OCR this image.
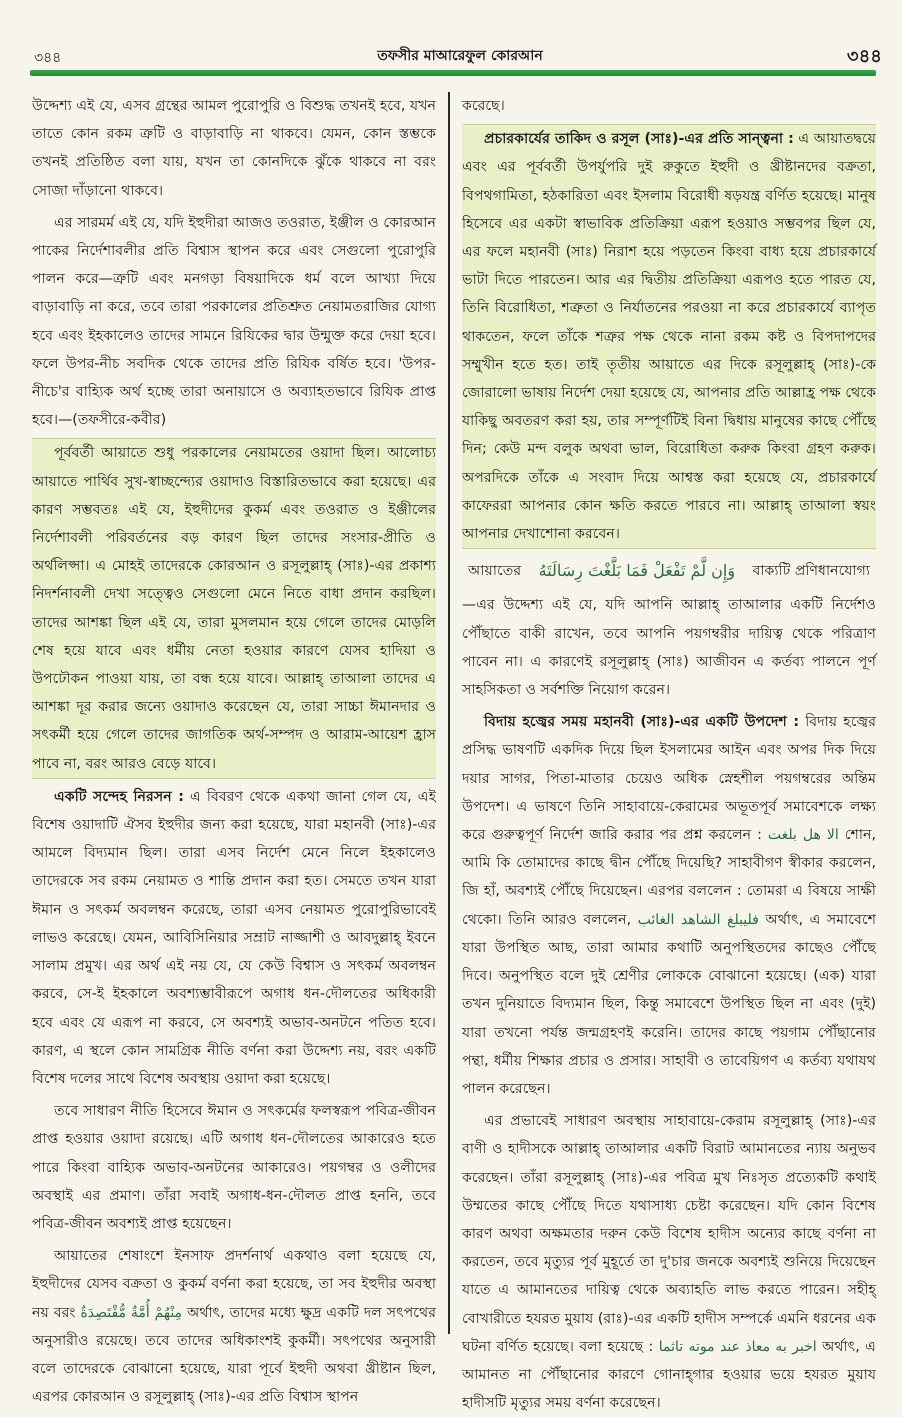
৩৪৪	তফসীর মাআরেফুল কোরআন	৩৪৪

উদ্দেশ্য এই যে, এসব গ্রন্থের আমল পুরোপুরি ও বিশুদ্ধ তখনই হবে, যখন তাতে কোন রকম ত্রুটি ও বাড়াবাড়ি না থাকবে। যেমন, কোন স্তম্ভকে তখনই প্রতিষ্ঠিত বলা যায়, যখন তা কোনদিকে ঝুঁকে থাকবে না বরং সোজা দাঁড়ানো থাকবে।

এর সারমর্ম এই যে, যদি ইহুদীরা আজও তওরাত, ইঞ্জীল ও কোরআন পাকের নির্দেশাবলীর প্রতি বিশ্বাস স্থাপন করে এবং সেগুলো পুরোপুরি পালন করে—ত্রুটি এবং মনগড়া বিষয়াদিকে ধর্ম বলে আখ্যা দিয়ে বাড়াবাড়ি না করে, তবে তারা পরকালের প্রতিশ্রুত নেয়ামতরাজির যোগ্য হবে এবং ইহকালেও তাদের সামনে রিযিকের দ্বার উন্মুক্ত করে দেয়া হবে। ফলে উপর-নীচ সবদিক থেকে তাদের প্রতি রিযিক বর্ষিত হবে। 'উপর-নীচে'র বাহ্যিক অর্থ হচ্ছে তারা অনায়াসে ও অব্যাহতভাবে রিযিক প্রাপ্ত হবে।—(তফসীরে-কবীর)

পূর্ববর্তী আয়াতে শুধু পরকালের নেয়ামতের ওয়াদা ছিল। আলোচ্য আয়াতে পার্থিব সুখ-স্বাচ্ছন্দ্যের ওয়াদাও বিস্তারিতভাবে করা হয়েছে। এর কারণ সম্ভবতঃ এই যে, ইহুদীদের কুকর্ম এবং তওরাত ও ইঞ্জীলের নির্দেশাবলী পরিবর্তনের বড় কারণ ছিল তাদের সংসার-প্রীতি ও অর্থলিপ্সা। এ মোহই তাদেরকে কোরআন ও রসূলুল্লাহ্ (সাঃ)-এর প্রকাশ্য নিদর্শনাবলী দেখা সত্ত্বেও সেগুলো মেনে নিতে বাধা প্রদান করছিল। তাদের আশঙ্কা ছিল এই যে, তারা মুসলমান হয়ে গেলে তাদের মোড়লি শেষ হয়ে যাবে এবং ধর্মীয় নেতা হওয়ার কারণে যেসব হাদিয়া ও উপঢৌকন পাওয়া যায়, তা বন্ধ হয়ে যাবে। আল্লাহ্ তাআলা তাদের এ আশঙ্কা দূর করার জন্যে ওয়াদাও করেছেন যে, তারা সাচ্চা ঈমানদার ও সৎকর্মী হয়ে গেলে তাদের জাগতিক অর্থ-সম্পদ ও আরাম-আয়েশ হ্রাস পাবে না, বরং আরও বেড়ে যাবে।

একটি সন্দেহ নিরসন : এ বিবরণ থেকে একথা জানা গেল যে, এই বিশেষ ওয়াদাটি ঐসব ইহুদীর জন্য করা হয়েছে, যারা মহানবী (সাঃ)-এর আমলে বিদ্যমান ছিল। তারা এসব নির্দেশ মেনে নিলে ইহকালেও তাদেরকে সব রকম নেয়ামত ও শান্তি প্রদান করা হত। সেমতে তখন যারা ঈমান ও সৎকর্ম অবলম্বন করেছে, তারা এসব নেয়ামত পুরোপুরিভাবেই লাভও করেছে। যেমন, আবিসিনিয়ার সম্রাট নাজ্জাশী ও আবদুল্লাহ্ ইবনে সালাম প্রমুখ। এর অর্থ এই নয় যে, যে কেউ বিশ্বাস ও সৎকর্ম অবলম্বন করবে, সে-ই ইহকালে অবশ্যম্ভাবীরূপে অগাধ ধন-দৌলতের অধিকারী হবে এবং যে এরূপ না করবে, সে অবশ্যই অভাব-অনটনে পতিত হবে। কারণ, এ স্থলে কোন সামগ্রিক নীতি বর্ণনা করা উদ্দেশ্য নয়, বরং একটি বিশেষ দলের সাথে বিশেষ অবস্থায় ওয়াদা করা হয়েছে।

তবে সাধারণ নীতি হিসেবে ঈমান ও সৎকর্মের ফলস্বরূপ পবিত্র-জীবন প্রাপ্ত হওয়ার ওয়াদা রয়েছে। এটি অগাধ ধন-দৌলতের আকারেও হতে পারে কিংবা বাহ্যিক অভাব-অনটনের আকারেও। পয়গম্বর ও ওলীদের অবস্থাই এর প্রমাণ। তাঁরা সবাই অগাধ-ধন-দৌলত প্রাপ্ত হননি, তবে পবিত্র-জীবন অবশ্যই প্রাপ্ত হয়েছেন।

আয়াতের শেষাংশে ইনসাফ প্রদর্শনার্থ একথাও বলা হয়েছে যে, ইহুদীদের যেসব বক্রতা ও কুকর্ম বর্ণনা করা হয়েছে, তা সব ইহুদীর অবস্থা নয় বরং مِنْهُمْ أُمَّةٌ مُّقْتَصِدَةٌ অর্থাৎ, তাদের মধ্যে ক্ষুদ্র একটি দল সৎপথের অনুসারীও রয়েছে। তবে তাদের অধিকাংশই কুকর্মী। সৎপথের অনুসারী বলে তাদেরকে বোঝানো হয়েছে, যারা পূর্বে ইহুদী অথবা খ্রীষ্টান ছিল, এরপর কোরআন ও রসূলুল্লাহ্ (সাঃ)-এর প্রতি বিশ্বাস স্থাপন

করেছে।

প্রচারকার্যের তাকিদ ও রসূল (সাঃ)-এর প্রতি সান্ত্বনা : এ আয়াতদ্বয়ে এবং এর পূর্ববর্তী উপর্যুপরি দুই রুকুতে ইহুদী ও খ্রীষ্টানদের বক্রতা, বিপথগামিতা, হঠকারিতা এবং ইসলাম বিরোধী ষড়যন্ত্র বর্ণিত হয়েছে। মানুষ হিসেবে এর একটা স্বাভাবিক প্রতিক্রিয়া এরূপ হওয়াও সম্ভবপর ছিল যে, এর ফলে মহানবী (সাঃ) নিরাশ হয়ে পড়তেন কিংবা বাধ্য হয়ে প্রচারকার্যে ভাটা দিতে পারতেন। আর এর দ্বিতীয় প্রতিক্রিয়া এরূপও হতে পারত যে, তিনি বিরোধিতা, শত্রুতা ও নির্যাতনের পরওয়া না করে প্রচারকার্যে ব্যাপৃত থাকতেন, ফলে তাঁকে শত্রুর পক্ষ থেকে নানা রকম কষ্ট ও বিপদাপদের সম্মুখীন হতে হত। তাই তৃতীয় আয়াতে এর দিকে রসূলুল্লাহ্ (সাঃ)-কে জোরালো ভাষায় নির্দেশ দেয়া হয়েছে যে, আপনার প্রতি আল্লাহ্র পক্ষ থেকে যাকিছু অবতরণ করা হয়, তার সম্পূর্ণটিই বিনা দ্বিধায় মানুষের কাছে পৌঁছে দিন; কেউ মন্দ বলুক অথবা ভাল, বিরোধিতা করুক কিংবা গ্রহণ করুক। অপরদিকে তাঁকে এ সংবাদ দিয়ে আশ্বস্ত করা হয়েছে যে, প্রচারকার্যে কাফেররা আপনার কোন ক্ষতি করতে পারবে না। আল্লাহ্ তাআলা স্বয়ং আপনার দেখাশোনা করবেন।

আয়াতের وَإِن لَّمْ تَفْعَلْ فَمَا بَلَّغْتَ رِسَالَتَهُ বাক্যটি প্রণিধানযোগ্য

—এর উদ্দেশ্য এই যে, যদি আপনি আল্লাহ্ তাআলার একটি নির্দেশও পৌঁছাতে বাকী রাখেন, তবে আপনি পয়গম্বরীর দায়িত্ব থেকে পরিত্রাণ পাবেন না। এ কারণেই রসূলুল্লাহ্ (সাঃ) আজীবন এ কর্তব্য পালনে পূর্ণ সাহসিকতা ও সর্বশক্তি নিয়োগ করেন।

বিদায় হজ্বের সময় মহানবী (সাঃ)-এর একটি উপদেশ : বিদায় হজ্বের প্রসিদ্ধ ভাষণটি একদিক দিয়ে ছিল ইসলামের আইন এবং অপর দিক দিয়ে দয়ার সাগর, পিতা-মাতার চেয়েও অধিক স্নেহশীল পয়গম্বরের অন্তিম উপদেশ। এ ভাষণে তিনি সাহাবায়ে-কেরামের অভূতপূর্ব সমাবেশকে লক্ষ্য করে গুরুত্বপূর্ণ নির্দেশ জারি করার পর প্রশ্ন করলেন : الا هل بلغت শোন, আমি কি তোমাদের কাছে দ্বীন পৌঁছে দিয়েছি? সাহাবীগণ স্বীকার করলেন, জি হাঁ, অবশ্যই পৌঁছে দিয়েছেন। এরপর বললেন : তোমরা এ বিষয়ে সাক্ষী থেকো। তিনি আরও বললেন, فليبلغ الشاهد الغائب অর্থাৎ, এ সমাবেশে যারা উপস্থিত আছ, তারা আমার কথাটি অনুপস্থিতদের কাছেও পৌঁছে দিবে। অনুপস্থিত বলে দুই শ্রেণীর লোককে বোঝানো হয়েছে। (এক) যারা তখন দুনিয়াতে বিদ্যমান ছিল, কিন্তু সমাবেশে উপস্থিত ছিল না এবং (দুই) যারা তখনো পর্যন্ত জন্মগ্রহণই করেনি। তাদের কাছে পয়গাম পৌঁছানোর পন্থা, ধর্মীয় শিক্ষার প্রচার ও প্রসার। সাহাবী ও তাবেয়িগণ এ কর্তব্য যথাযথ পালন করেছেন।

এর প্রভাবেই সাধারণ অবস্থায় সাহাবায়ে-কেরাম রসূলুল্লাহ্ (সাঃ)-এর বাণী ও হাদীসকে আল্লাহ্ তাআলার একটি বিরাট আমানতের ন্যায় অনুভব করেছেন। তাঁরা রসূলুল্লাহ্ (সাঃ)-এর পবিত্র মুখ নিঃসৃত প্রত্যেকটি কথাই উম্মতের কাছে পৌঁছে দিতে যথাসাধ্য চেষ্টা করেছেন। যদি কোন বিশেষ কারণ অথবা অক্ষমতার দরুন কেউ বিশেষ হাদীস অন্যের কাছে বর্ণনা না করতেন, তবে মৃত্যুর পূর্ব মুহূর্তে তা দু'চার জনকে অবশ্যই শুনিয়ে দিয়েছেন যাতে এ আমানতের দায়িত্ব থেকে অব্যাহতি লাভ করতে পারেন। সহীহ্ বোখারীতে হযরত মুয়ায (রাঃ)-এর একটি হাদীস সম্পর্কে এমনি ধরনের এক ঘটনা বর্ণিত হয়েছে। বলা হয়েছে :	اخبر به معاذ عند موته تاثما	অর্থাৎ, এ আমানত না পৌঁছানোর কারণে গোনাহ্গার হওয়ার ভয়ে হযরত মুয়ায হাদীসটি মৃত্যুর সময় বর্ণনা করেছেন।
